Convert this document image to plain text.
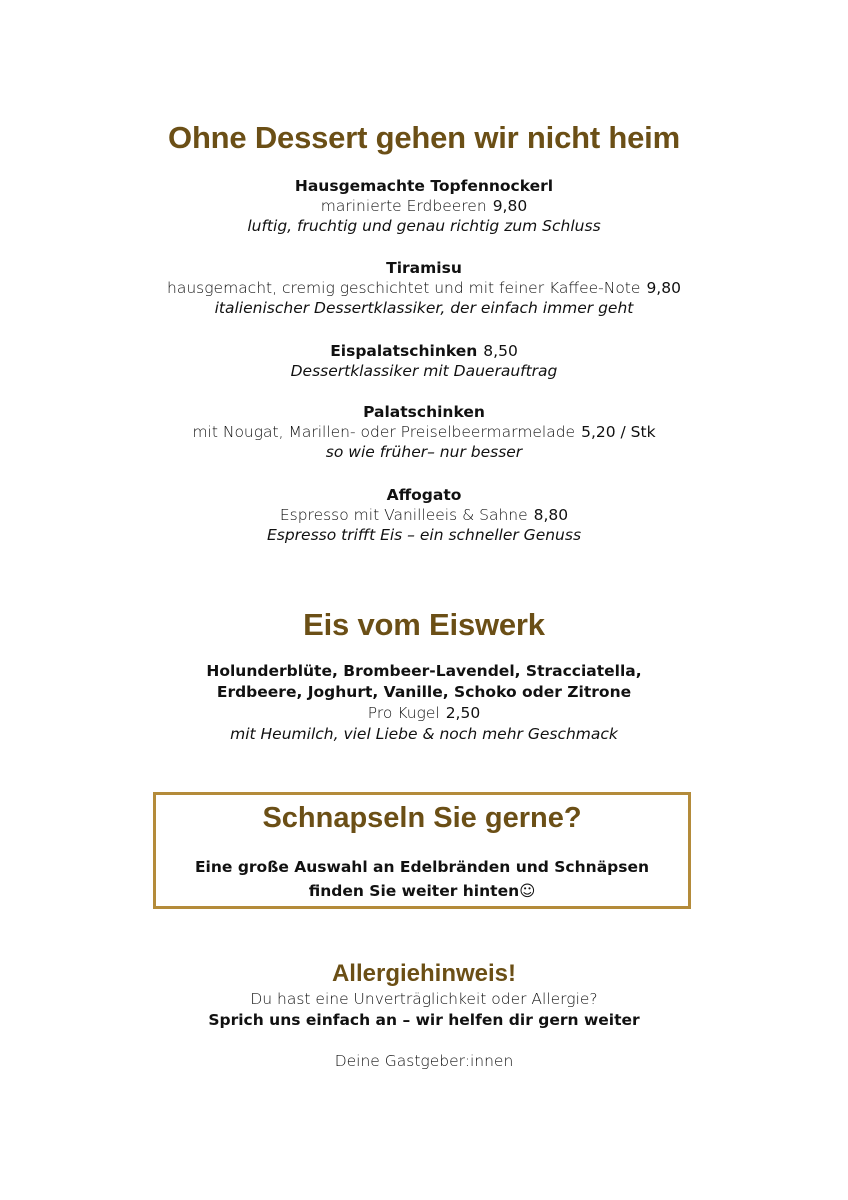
Ohne Dessert gehen wir nicht heim
Hausgemachte Topfennockerl
marinierte Erdbeeren 9,80
luftig, fruchtig und genau richtig zum Schluss
Tiramisu
hausgemacht, cremig geschichtet und mit feiner Kaffee-Note 9,80
italienischer Dessertklassiker, der einfach immer geht
Eispalatschinken 8,50
Dessertklassiker mit Dauerauftrag
Palatschinken
mit Nougat, Marillen- oder Preiselbeermarmelade 5,20 / Stk
so wie früher– nur besser
Affogato
Espresso mit Vanilleeis & Sahne 8,80
Espresso trifft Eis – ein schneller Genuss
Eis vom Eiswerk
Holunderblüte, Brombeer-Lavendel, Stracciatella,
Erdbeere, Joghurt, Vanille, Schoko oder Zitrone
Pro Kugel 2,50
mit Heumilch, viel Liebe & noch mehr Geschmack
Schnapseln Sie gerne?
Eine große Auswahl an Edelbränden und Schnäpsen
finden Sie weiter hinten☺
Allergiehinweis!
Du hast eine Unverträglichkeit oder Allergie?
Sprich uns einfach an – wir helfen dir gern weiter
Deine Gastgeber:innen
